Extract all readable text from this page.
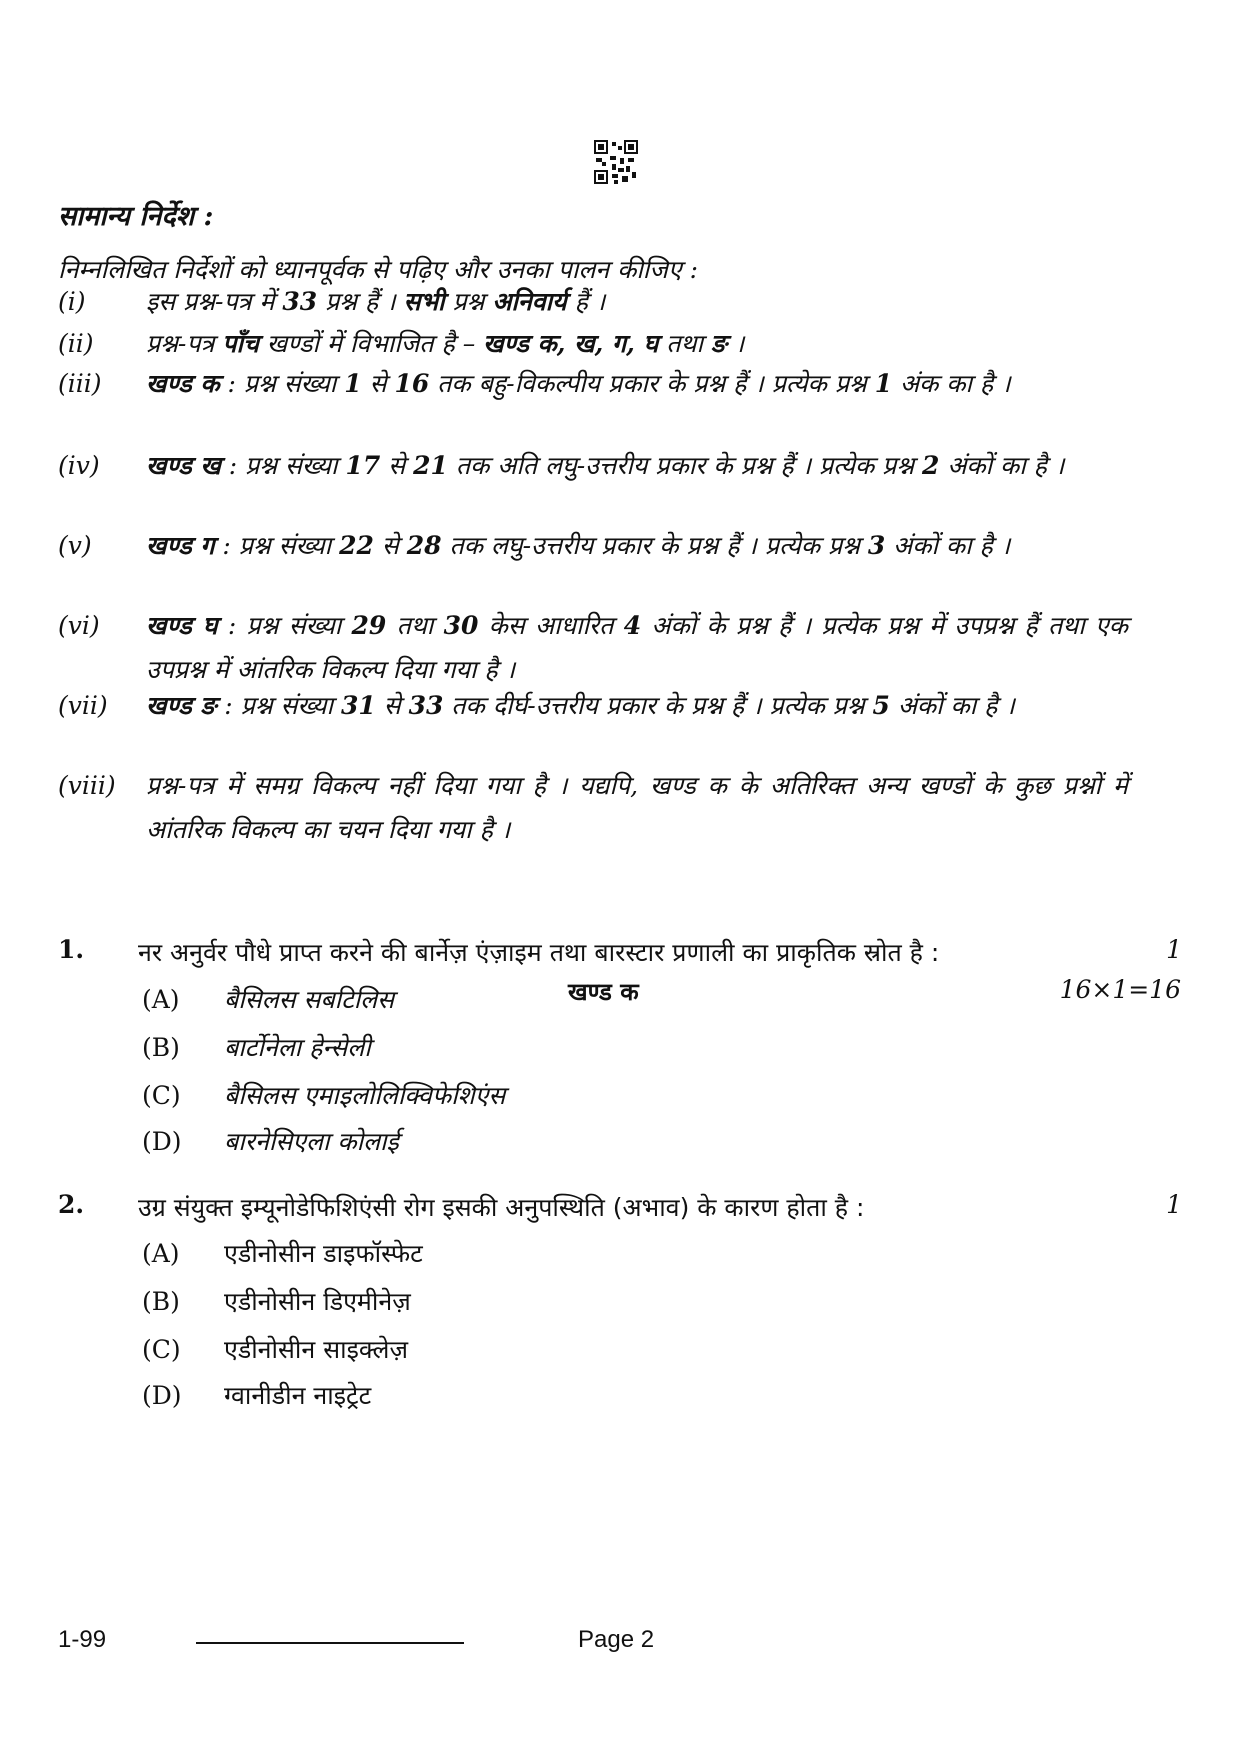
सामान्य निर्देश :
निम्नलिखित निर्देशों को ध्यानपूर्वक से पढ़िए और उनका पालन कीजिए :
(i) इस प्रश्न-पत्र में 33 प्रश्न हैं । सभी प्रश्न अनिवार्य हैं ।
(ii) प्रश्न-पत्र पाँच खण्डों में विभाजित है – खण्ड क, ख, ग, घ तथा ङ ।
(iii) खण्ड क : प्रश्न संख्या 1 से 16 तक बहु-विकल्पीय प्रकार के प्रश्न हैं । प्रत्येक प्रश्न 1 अंक का है ।
(iv) खण्ड ख : प्रश्न संख्या 17 से 21 तक अति लघु-उत्तरीय प्रकार के प्रश्न हैं । प्रत्येक प्रश्न 2 अंकों का है ।
(v) खण्ड ग : प्रश्न संख्या 22 से 28 तक लघु-उत्तरीय प्रकार के प्रश्न हैं । प्रत्येक प्रश्न 3 अंकों का है ।
(vi) खण्ड घ : प्रश्न संख्या 29 तथा 30 केस आधारित 4 अंकों के प्रश्न हैं । प्रत्येक प्रश्न में उपप्रश्न हैं तथा एक उपप्रश्न में आंतरिक विकल्प दिया गया है ।
(vii) खण्ड ङ : प्रश्न संख्या 31 से 33 तक दीर्घ-उत्तरीय प्रकार के प्रश्न हैं । प्रत्येक प्रश्न 5 अंकों का है ।
(viii) प्रश्न-पत्र में समग्र विकल्प नहीं दिया गया है । यद्यपि, खण्ड क के अतिरिक्त अन्य खण्डों के कुछ प्रश्नों में आंतरिक विकल्प का चयन दिया गया है ।
खण्ड क	16×1=16
1. नर अनुर्वर पौधे प्राप्त करने की बार्नेज़ एंज़ाइम तथा बारस्टार प्रणाली का प्राकृतिक स्रोत है :	1
(A) बैसिलस सबटिलिस
(B) बार्टोनेला हेन्सेली
(C) बैसिलस एमाइलोलिक्विफेशिएंस
(D) बारनेसिएला कोलाई
2. उग्र संयुक्त इम्यूनोडेफिशिएंसी रोग इसकी अनुपस्थिति (अभाव) के कारण होता है :	1
(A) एडीनोसीन डाइफॉस्फेट
(B) एडीनोसीन डिएमीनेज़
(C) एडीनोसीन साइक्लेज़
(D) ग्वानीडीन नाइट्रेट
1-99	Page 2
